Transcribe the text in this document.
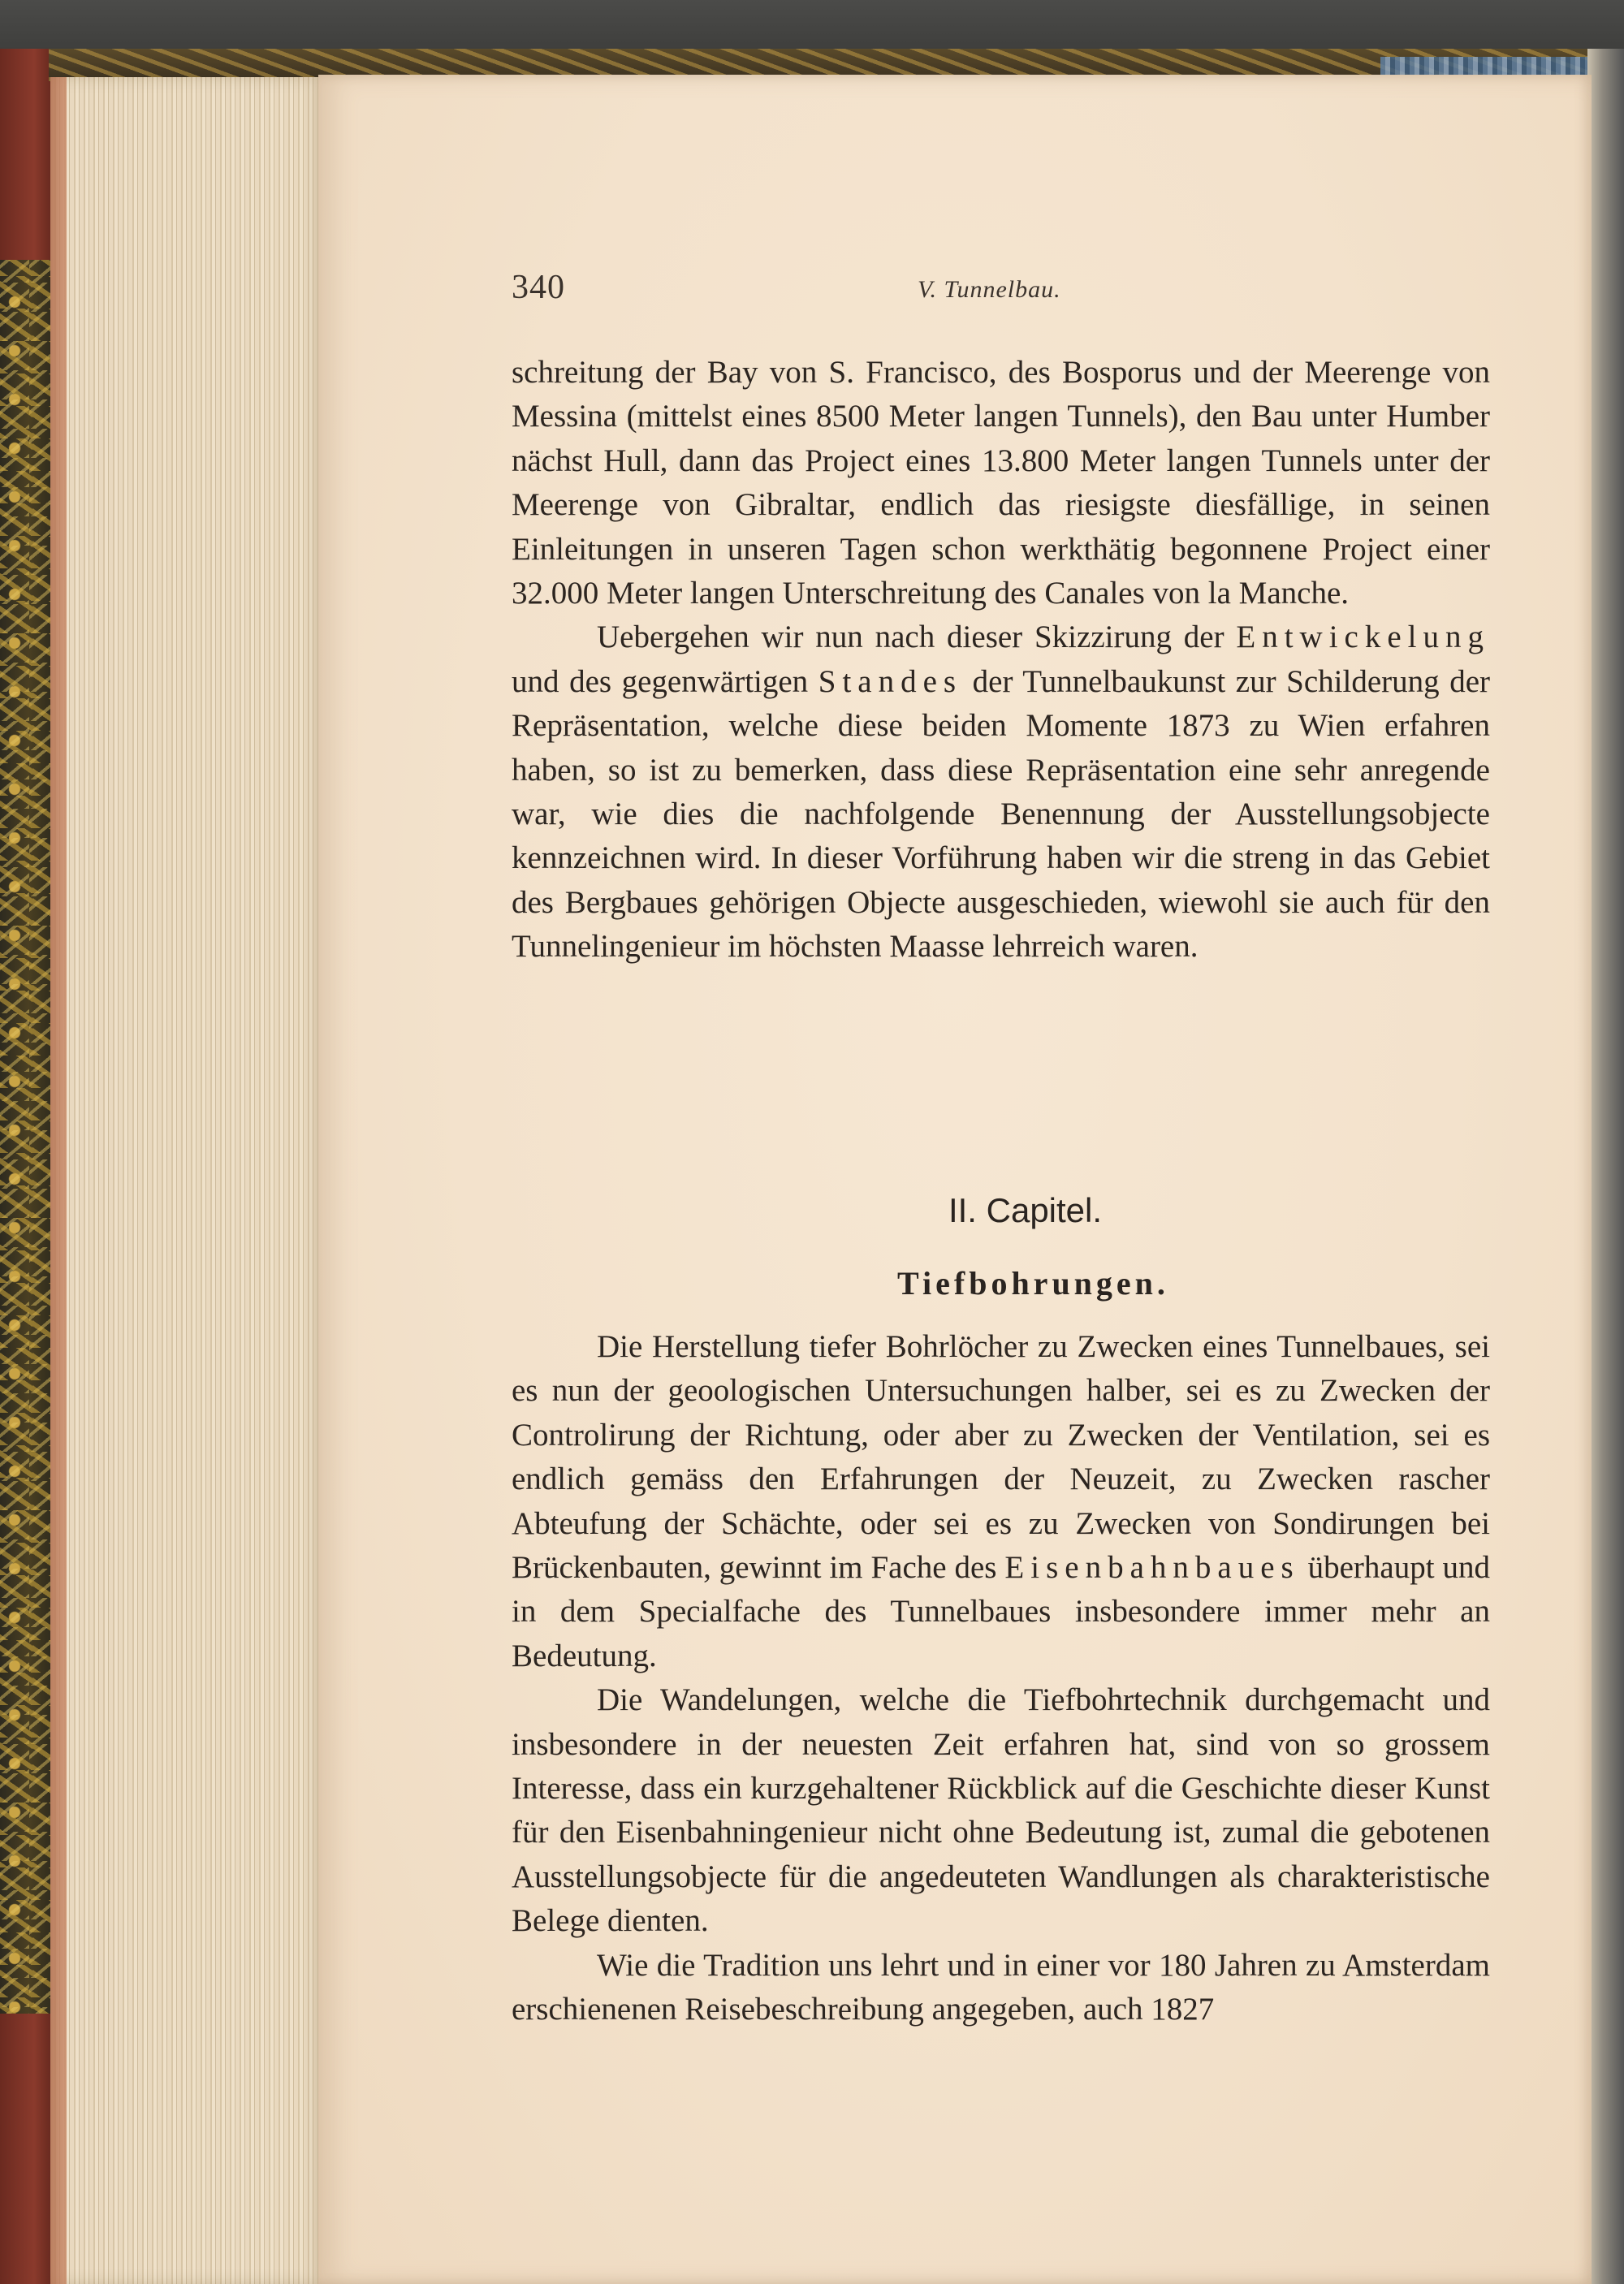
340	V. Tunnelbau.

schreitung der Bay von S. Francisco, des Bosporus und der Meerenge von Messina (mittelst eines 8500 Meter langen Tunnels), den Bau unter Humber nächst Hull, dann das Project eines 13.800 Meter langen Tunnels unter der Meerenge von Gibraltar, endlich das riesigste diesfällige, in seinen Einleitungen in unseren Tagen schon werkthätig begonnene Project einer 32.000 Meter langen Unterschreitung des Canales von la Manche.

Uebergehen wir nun nach dieser Skizzirung der Entwickelung und des gegenwärtigen Standes der Tunnelbaukunst zur Schilderung der Repräsentation, welche diese beiden Momente 1873 zu Wien erfahren haben, so ist zu bemerken, dass diese Repräsentation eine sehr anregende war, wie dies die nachfolgende Benennung der Ausstellungsobjecte kennzeichnen wird. In dieser Vorführung haben wir die streng in das Gebiet des Bergbaues gehörigen Objecte ausgeschieden, wiewohl sie auch für den Tunnelingenieur im höchsten Maasse lehrreich waren.

II. Capitel.
Tiefbohrungen.

Die Herstellung tiefer Bohrlöcher zu Zwecken eines Tunnelbaues, sei es nun der geoologischen Untersuchungen halber, sei es zu Zwecken der Controlirung der Richtung, oder aber zu Zwecken der Ventilation, sei es endlich gemäss den Erfahrungen der Neuzeit, zu Zwecken rascher Abteufung der Schächte, oder sei es zu Zwecken von Sondirungen bei Brückenbauten, gewinnt im Fache des Eisenbahnbaues überhaupt und in dem Specialfache des Tunnelbaues insbesondere immer mehr an Bedeutung.

Die Wandelungen, welche die Tiefbohrtechnik durchgemacht und insbesondere in der neuesten Zeit erfahren hat, sind von so grossem Interesse, dass ein kurzgehaltener Rückblick auf die Geschichte dieser Kunst für den Eisenbahningenieur nicht ohne Bedeutung ist, zumal die gebotenen Ausstellungsobjecte für die angedeuteten Wandlungen als charakteristische Belege dienten.

Wie die Tradition uns lehrt und in einer vor 180 Jahren zu Amsterdam erschienenen Reisebeschreibung angegeben, auch 1827
